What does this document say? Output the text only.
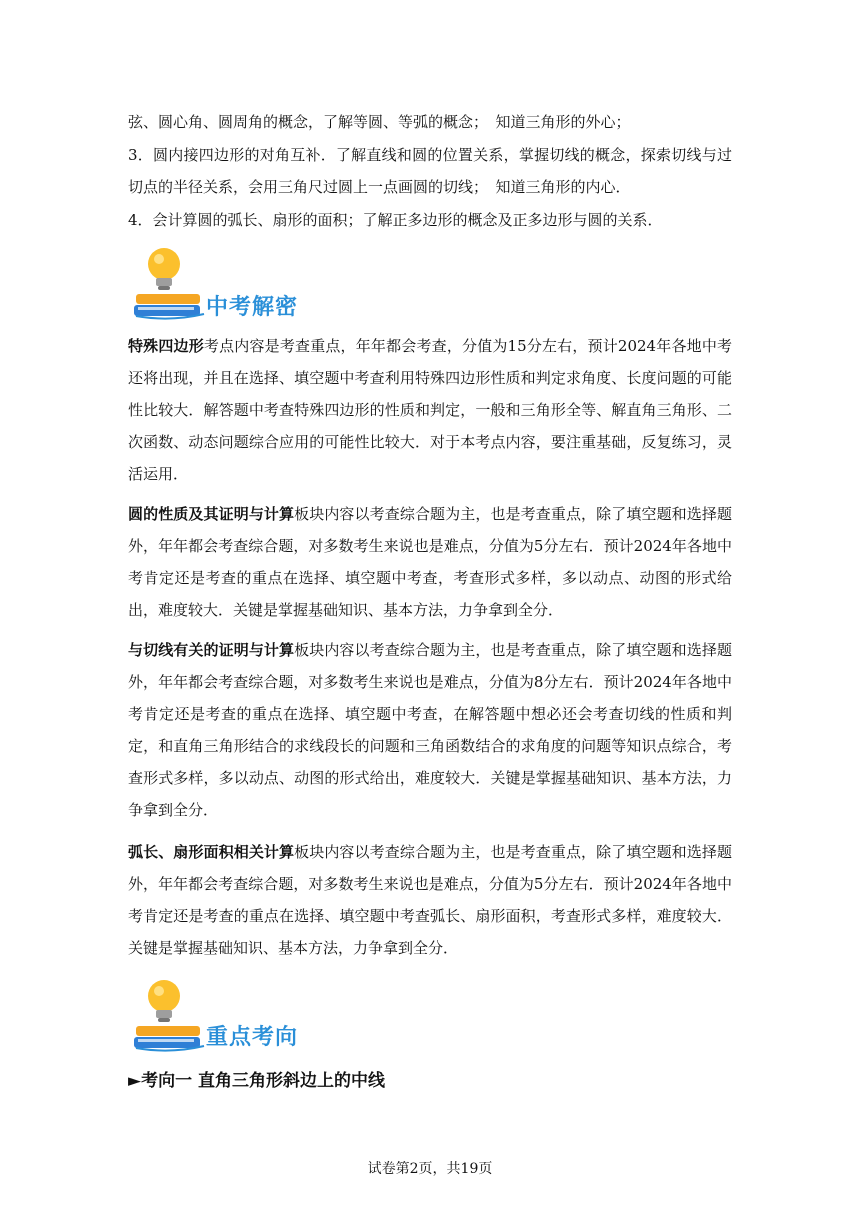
弦、圆心角、圆周角的概念，了解等圆、等弧的概念；　知道三角形的外心；

3．圆内接四边形的对角互补．了解直线和圆的位置关系，掌握切线的概念，探索切线与过切点的半径关系，会用三角尺过圆上一点画圆的切线；　知道三角形的内心．

4．会计算圆的弧长、扇形的面积；了解正多边形的概念及正多边形与圆的关系．

中考解密

特殊四边形考点内容是考查重点，年年都会考查，分值为15分左右，预计2024年各地中考还将出现，并且在选择、填空题中考查利用特殊四边形性质和判定求角度、长度问题的可能性比较大．解答题中考查特殊四边形的性质和判定，一般和三角形全等、解直角三角形、二次函数、动态问题综合应用的可能性比较大．对于本考点内容，要注重基础，反复练习，灵活运用．

圆的性质及其证明与计算板块内容以考查综合题为主，也是考查重点，除了填空题和选择题外，年年都会考查综合题，对多数考生来说也是难点，分值为5分左右．预计2024年各地中考肯定还是考查的重点在选择、填空题中考查，考查形式多样，多以动点、动图的形式给出，难度较大．关键是掌握基础知识、基本方法，力争拿到全分．

与切线有关的证明与计算板块内容以考查综合题为主，也是考查重点，除了填空题和选择题外，年年都会考查综合题，对多数考生来说也是难点，分值为8分左右．预计2024年各地中考肯定还是考查的重点在选择、填空题中考查，在解答题中想必还会考查切线的性质和判定，和直角三角形结合的求线段长的问题和三角函数结合的求角度的问题等知识点综合，考查形式多样，多以动点、动图的形式给出，难度较大．关键是掌握基础知识、基本方法，力争拿到全分．

弧长、扇形面积相关计算板块内容以考查综合题为主，也是考查重点，除了填空题和选择题外，年年都会考查综合题，对多数考生来说也是难点，分值为5分左右．预计2024年各地中考肯定还是考查的重点在选择、填空题中考查弧长、扇形面积，考查形式多样，难度较大．关键是掌握基础知识、基本方法，力争拿到全分．

重点考向

►考向一 直角三角形斜边上的中线

试卷第2页，共19页
